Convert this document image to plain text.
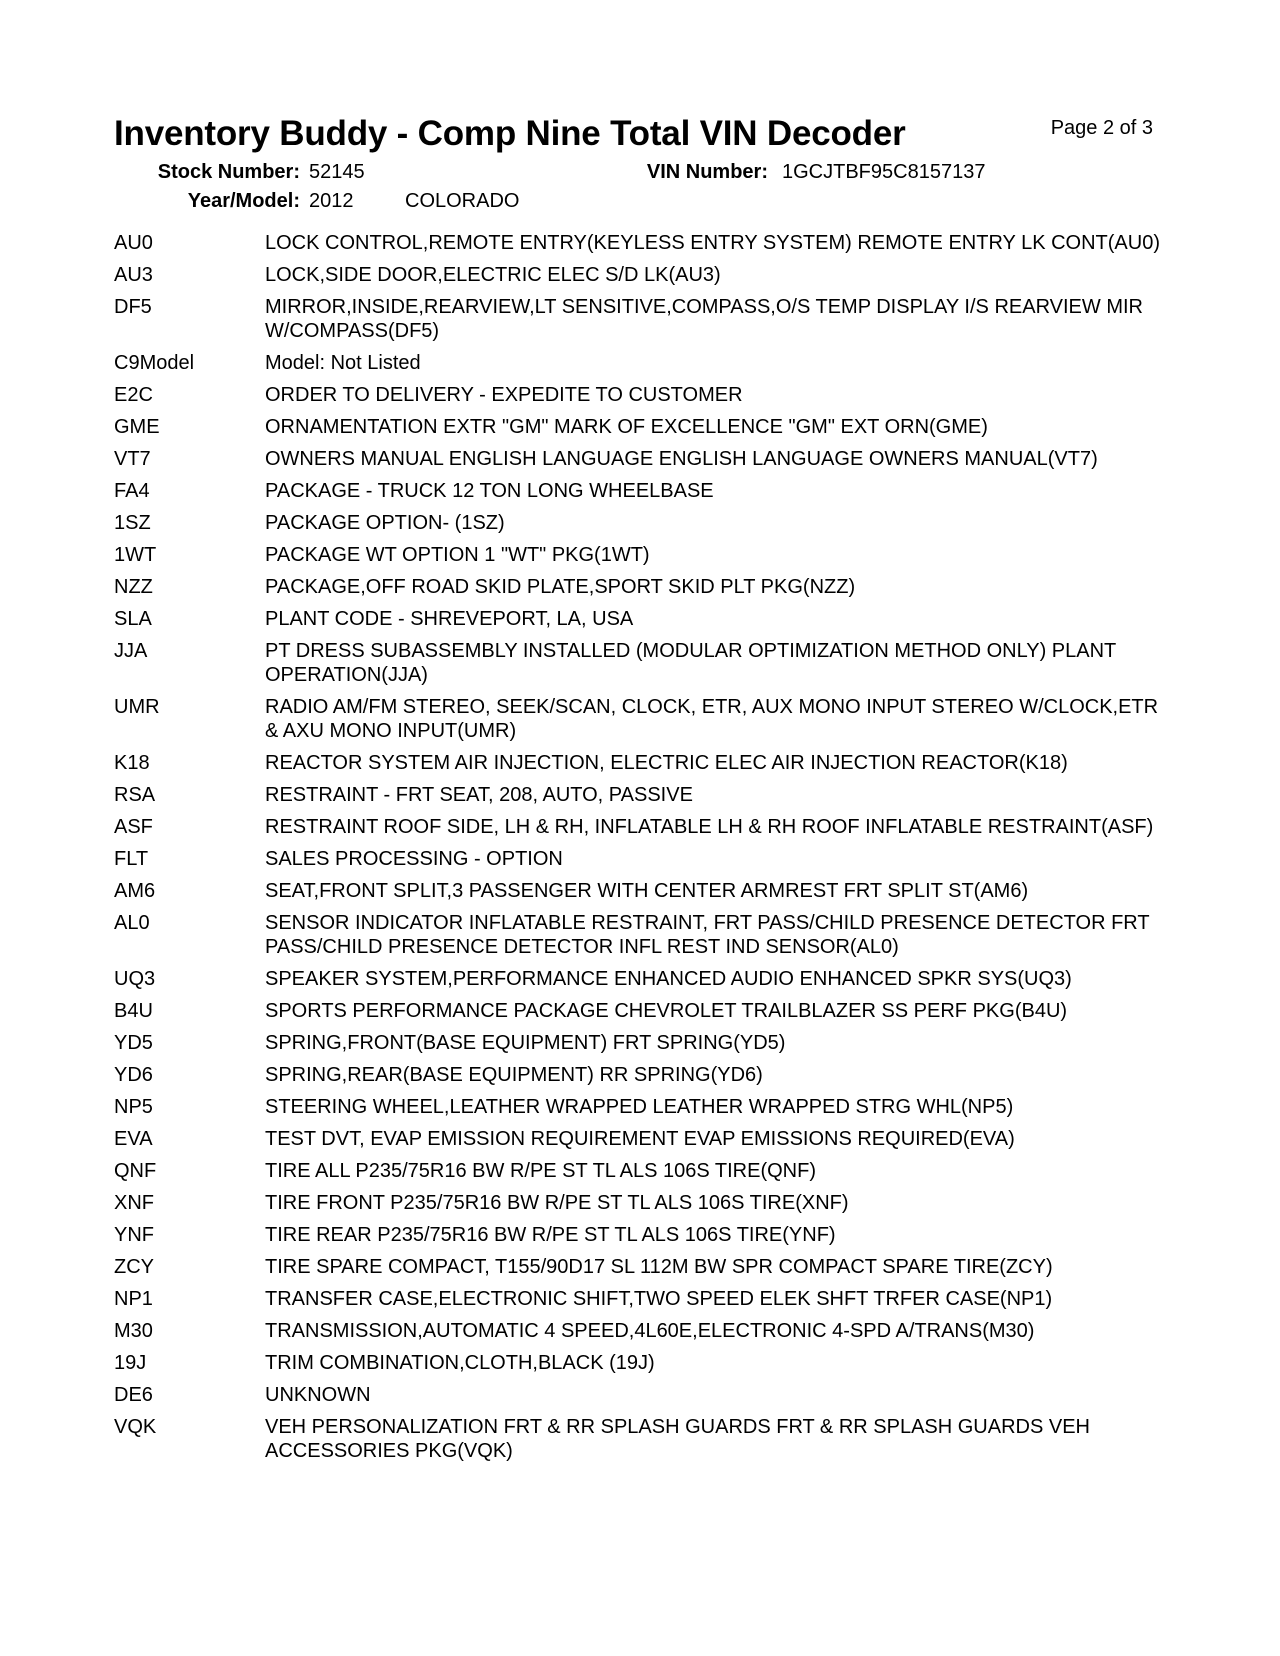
Inventory Buddy - Comp Nine Total VIN Decoder	Page 2 of 3
Stock Number: 52145	VIN Number: 1GCJTBF95C8157137
Year/Model: 2012	COLORADO
AU0	LOCK CONTROL,REMOTE ENTRY(KEYLESS ENTRY SYSTEM) REMOTE ENTRY LK CONT(AU0)
AU3	LOCK,SIDE DOOR,ELECTRIC ELEC S/D LK(AU3)
DF5	MIRROR,INSIDE,REARVIEW,LT SENSITIVE,COMPASS,O/S TEMP DISPLAY I/S REARVIEW MIR W/COMPASS(DF5)
C9Model	Model: Not Listed
E2C	ORDER TO DELIVERY - EXPEDITE TO CUSTOMER
GME	ORNAMENTATION EXTR "GM" MARK OF EXCELLENCE "GM" EXT ORN(GME)
VT7	OWNERS MANUAL ENGLISH LANGUAGE ENGLISH LANGUAGE OWNERS MANUAL(VT7)
FA4	PACKAGE - TRUCK 12 TON LONG WHEELBASE
1SZ	PACKAGE OPTION- (1SZ)
1WT	PACKAGE WT OPTION 1 "WT" PKG(1WT)
NZZ	PACKAGE,OFF ROAD SKID PLATE,SPORT SKID PLT PKG(NZZ)
SLA	PLANT CODE - SHREVEPORT, LA, USA
JJA	PT DRESS SUBASSEMBLY INSTALLED (MODULAR OPTIMIZATION METHOD ONLY) PLANT OPERATION(JJA)
UMR	RADIO AM/FM STEREO, SEEK/SCAN, CLOCK, ETR, AUX MONO INPUT STEREO W/CLOCK,ETR & AXU MONO INPUT(UMR)
K18	REACTOR SYSTEM AIR INJECTION, ELECTRIC ELEC AIR INJECTION REACTOR(K18)
RSA	RESTRAINT - FRT SEAT, 208, AUTO, PASSIVE
ASF	RESTRAINT ROOF SIDE, LH & RH, INFLATABLE LH & RH ROOF INFLATABLE RESTRAINT(ASF)
FLT	SALES PROCESSING - OPTION
AM6	SEAT,FRONT SPLIT,3 PASSENGER WITH CENTER ARMREST FRT SPLIT ST(AM6)
AL0	SENSOR INDICATOR INFLATABLE RESTRAINT, FRT PASS/CHILD PRESENCE DETECTOR FRT PASS/CHILD PRESENCE DETECTOR INFL REST IND SENSOR(AL0)
UQ3	SPEAKER SYSTEM,PERFORMANCE ENHANCED AUDIO ENHANCED SPKR SYS(UQ3)
B4U	SPORTS PERFORMANCE PACKAGE CHEVROLET TRAILBLAZER SS PERF PKG(B4U)
YD5	SPRING,FRONT(BASE EQUIPMENT) FRT SPRING(YD5)
YD6	SPRING,REAR(BASE EQUIPMENT) RR SPRING(YD6)
NP5	STEERING WHEEL,LEATHER WRAPPED LEATHER WRAPPED STRG WHL(NP5)
EVA	TEST DVT, EVAP EMISSION REQUIREMENT EVAP EMISSIONS REQUIRED(EVA)
QNF	TIRE ALL P235/75R16 BW R/PE ST TL ALS 106S TIRE(QNF)
XNF	TIRE FRONT P235/75R16 BW R/PE ST TL ALS 106S TIRE(XNF)
YNF	TIRE REAR P235/75R16 BW R/PE ST TL ALS 106S TIRE(YNF)
ZCY	TIRE SPARE COMPACT, T155/90D17 SL 112M BW SPR COMPACT SPARE TIRE(ZCY)
NP1	TRANSFER CASE,ELECTRONIC SHIFT,TWO SPEED ELEK SHFT TRFER CASE(NP1)
M30	TRANSMISSION,AUTOMATIC 4 SPEED,4L60E,ELECTRONIC 4-SPD A/TRANS(M30)
19J	TRIM COMBINATION,CLOTH,BLACK (19J)
DE6	UNKNOWN
VQK	VEH PERSONALIZATION FRT & RR SPLASH GUARDS FRT & RR SPLASH GUARDS VEH ACCESSORIES PKG(VQK)
